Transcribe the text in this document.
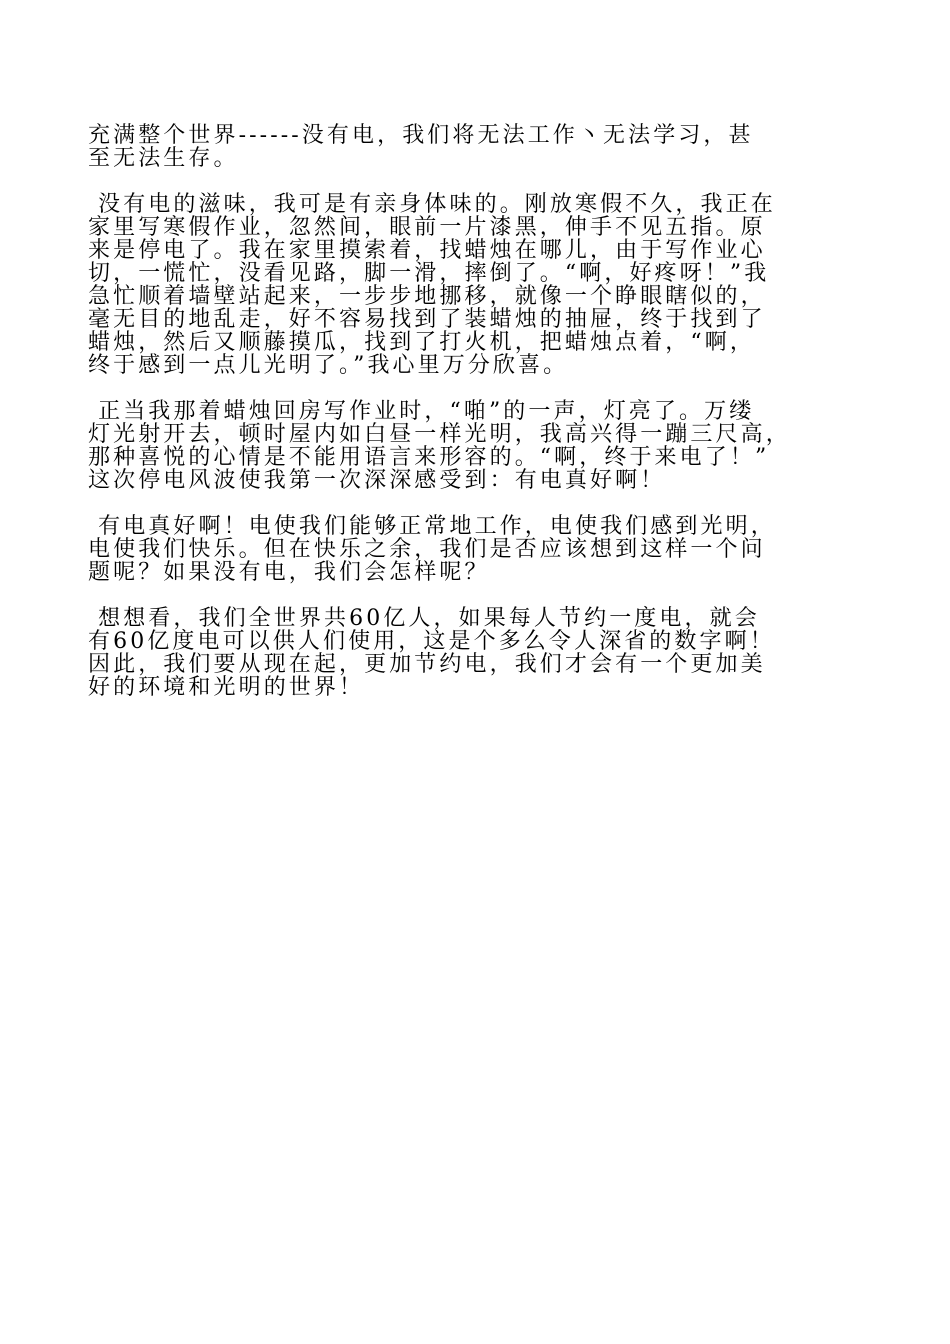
充满整个世界------没有电，我们将无法工作丶无法学习，甚
至无法生存。

没有电的滋味，我可是有亲身体味的。刚放寒假不久，我正在
家里写寒假作业，忽然间，眼前一片漆黑，伸手不见五指。原
来是停电了。我在家里摸索着，找蜡烛在哪儿，由于写作业心
切，一慌忙，没看见路，脚一滑，摔倒了。“啊，好疼呀！”我
急忙顺着墙壁站起来，一步步地挪移，就像一个睁眼瞎似的，
毫无目的地乱走，好不容易找到了装蜡烛的抽屉，终于找到了
蜡烛，然后又顺藤摸瓜，找到了打火机，把蜡烛点着，“啊，
终于感到一点儿光明了。”我心里万分欣喜。

正当我那着蜡烛回房写作业时，“啪”的一声，灯亮了。万缕
灯光射开去，顿时屋内如白昼一样光明，我高兴得一蹦三尺高，
那种喜悦的心情是不能用语言来形容的。“啊，终于来电了！”
这次停电风波使我第一次深深感受到：有电真好啊！

有电真好啊！电使我们能够正常地工作，电使我们感到光明，
电使我们快乐。但在快乐之余，我们是否应该想到这样一个问
题呢？如果没有电，我们会怎样呢？

想想看，我们全世界共60亿人，如果每人节约一度电，就会
有60亿度电可以供人们使用，这是个多么令人深省的数字啊！
因此，我们要从现在起，更加节约电，我们才会有一个更加美
好的环境和光明的世界！
